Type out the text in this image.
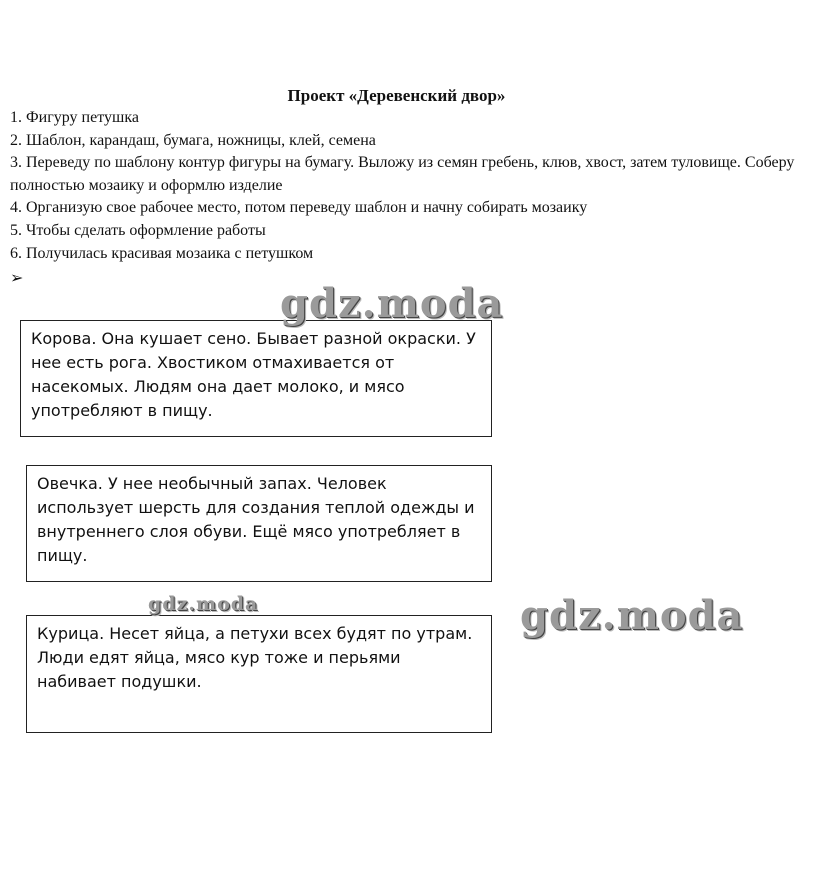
Проект «Деревенский двор»
1. Фигуру петушка
2. Шаблон, карандаш, бумага, ножницы, клей, семена
3. Переведу по шаблону контур фигуры на бумагу. Выложу из семян гребень, клюв, хвост, затем туловище. Соберу полностью мозаику и оформлю изделие
4. Организую свое рабочее место, потом переведу шаблон и начну собирать мозаику
5. Чтобы сделать оформление работы
6. Получилась красивая мозаика с петушком
➢

Корова. Она кушает сено. Бывает разной окраски. У нее есть рога. Хвостиком отмахивается от насекомых. Людям она дает молоко, и мясо употребляют в пищу.

Овечка. У нее необычный запах. Человек использует шерсть для создания теплой одежды и внутреннего слоя обуви. Ещё мясо употребляет в пищу.

Курица. Несет яйца, а петухи всех будят по утрам. Люди едят яйца, мясо кур тоже и перьями набивает подушки.

gdz.moda
gdz.moda
gdz.moda
